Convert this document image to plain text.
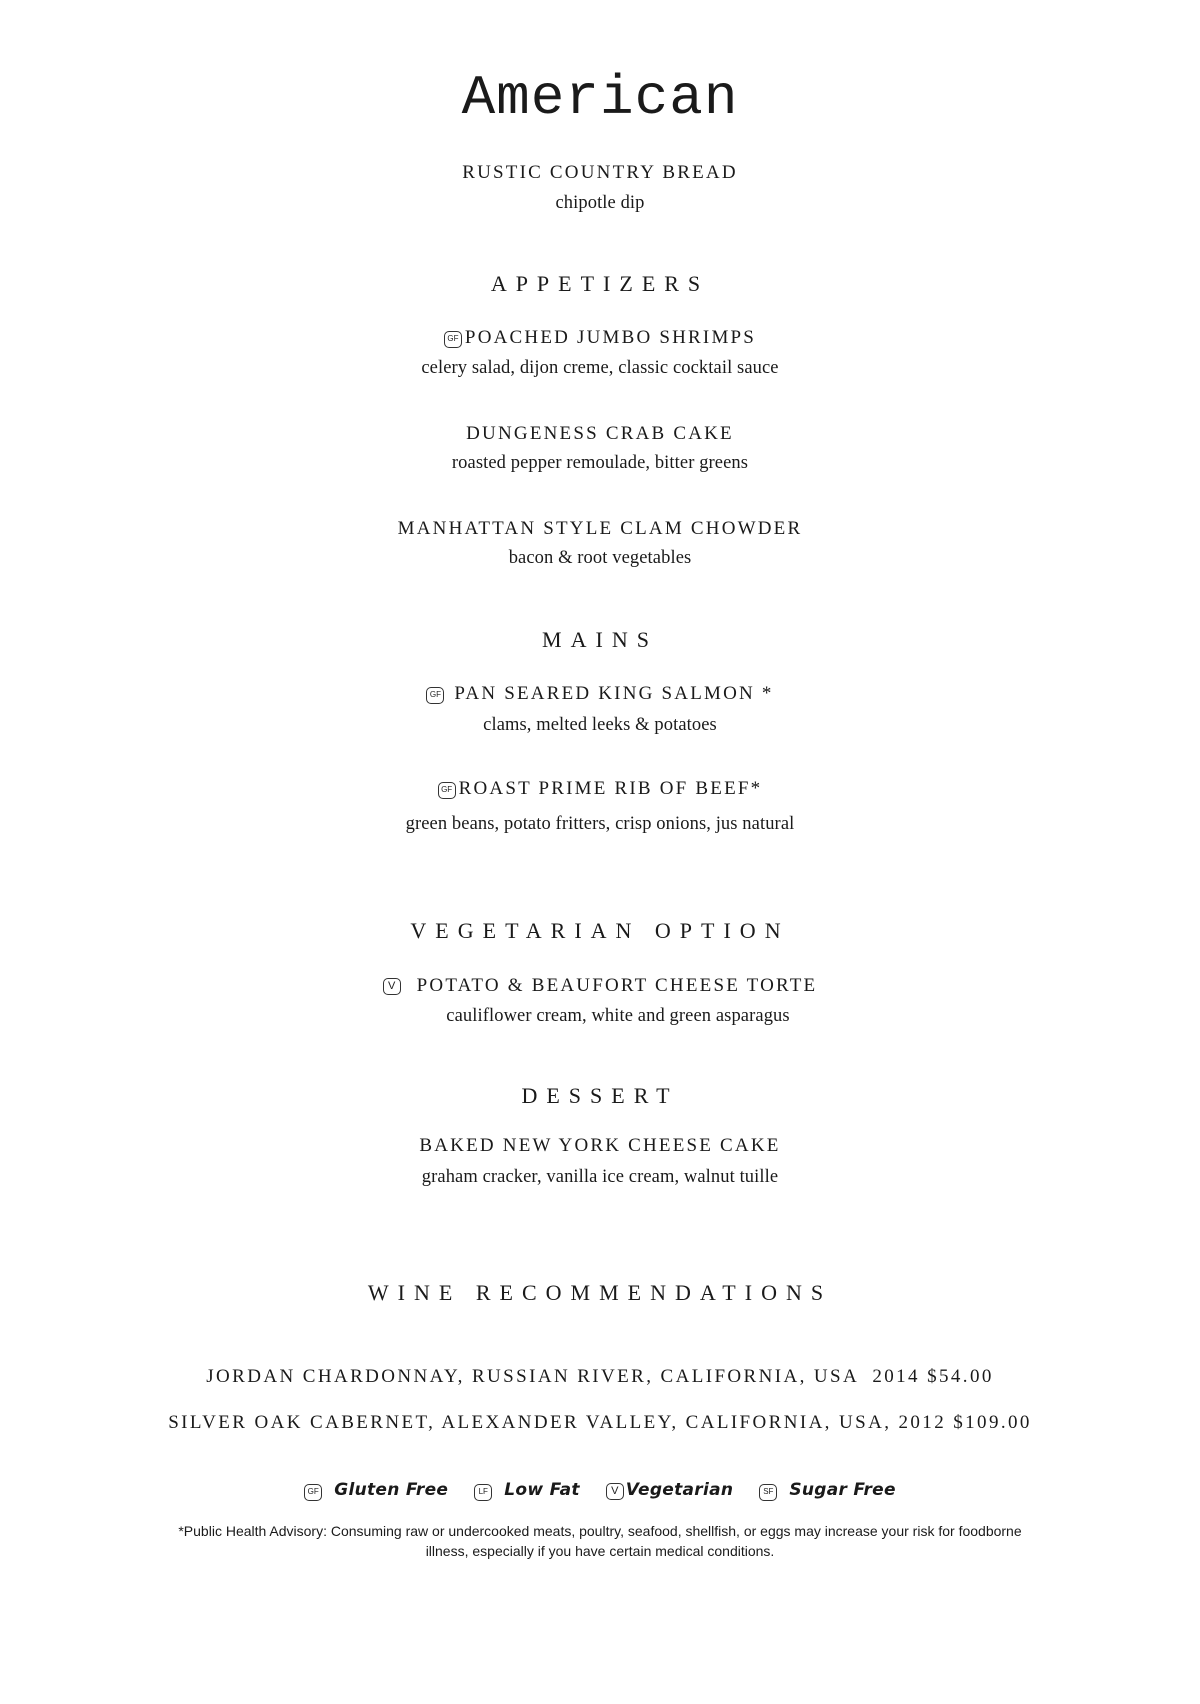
American
RUSTIC COUNTRY BREAD
chipotle dip
APPETIZERS
GF POACHED JUMBO SHRIMPS
celery salad, dijon creme, classic cocktail sauce
DUNGENESS CRAB CAKE
roasted pepper remoulade, bitter greens
MANHATTAN STYLE CLAM CHOWDER
bacon & root vegetables
MAINS
GF PAN SEARED KING SALMON *
clams, melted leeks & potatoes
GF ROAST PRIME RIB OF BEEF*
green beans, potato fritters, crisp onions, jus natural
VEGETARIAN OPTION
V POTATO & BEAUFORT CHEESE TORTE
cauliflower cream, white and green asparagus
DESSERT
BAKED NEW YORK CHEESE CAKE
graham cracker, vanilla ice cream, walnut tuille
WINE RECOMMENDATIONS
JORDAN CHARDONNAY, RUSSIAN RIVER, CALIFORNIA, USA  2014 $54.00
SILVER OAK CABERNET, ALEXANDER VALLEY, CALIFORNIA, USA, 2012 $109.00
GF Gluten Free	LF Low Fat	V Vegetarian	SF Sugar Free
*Public Health Advisory: Consuming raw or undercooked meats, poultry, seafood, shellfish, or eggs may increase your risk for foodborne
illness, especially if you have certain medical conditions.
